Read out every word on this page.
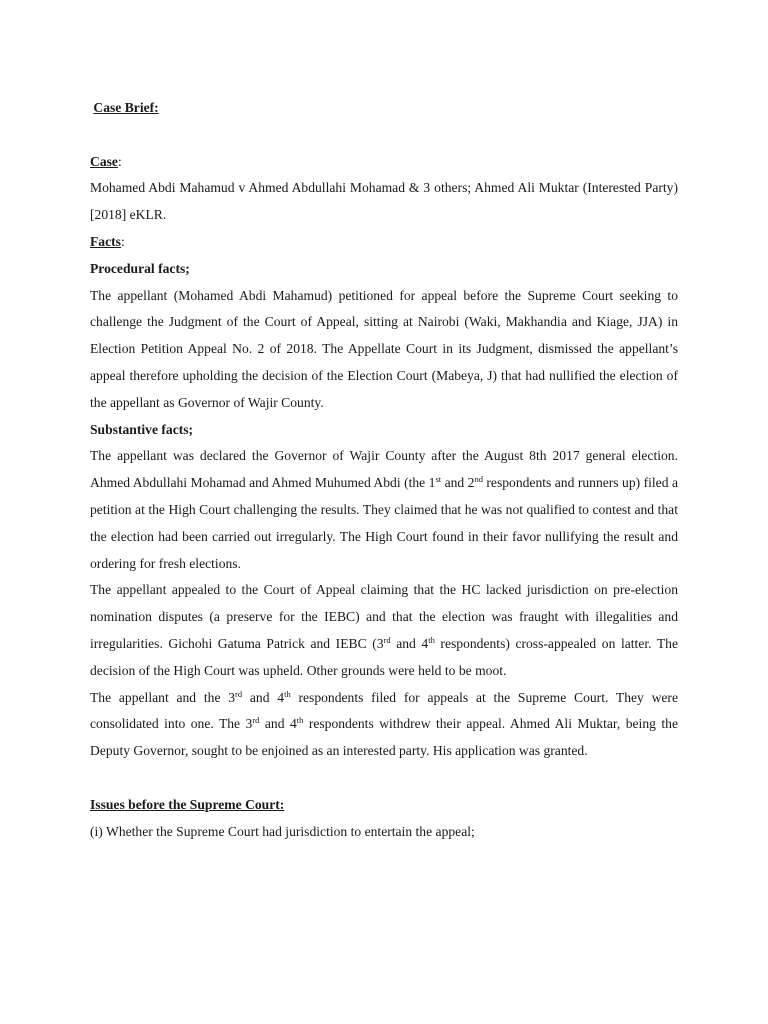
Case Brief:

Case:

Mohamed Abdi Mahamud v Ahmed Abdullahi Mohamad & 3 others; Ahmed Ali Muktar (Interested Party) [2018] eKLR.

Facts:

Procedural facts;

The appellant (Mohamed Abdi Mahamud) petitioned for appeal before the Supreme Court seeking to challenge the Judgment of the Court of Appeal, sitting at Nairobi (Waki, Makhandia and Kiage, JJA) in Election Petition Appeal No. 2 of 2018. The Appellate Court in its Judgment, dismissed the appellant’s appeal therefore upholding the decision of the Election Court (Mabeya, J) that had nullified the election of the appellant as Governor of Wajir County.

Substantive facts;

The appellant was declared the Governor of Wajir County after the August 8th 2017 general election. Ahmed Abdullahi Mohamad and Ahmed Muhumed Abdi (the 1st and 2nd respondents and runners up) filed a petition at the High Court challenging the results. They claimed that he was not qualified to contest and that the election had been carried out irregularly. The High Court found in their favor nullifying the result and ordering for fresh elections.

The appellant appealed to the Court of Appeal claiming that the HC lacked jurisdiction on pre-election nomination disputes (a preserve for the IEBC) and that the election was fraught with illegalities and irregularities. Gichohi Gatuma Patrick and IEBC (3rd and 4th respondents) cross-appealed on latter. The decision of the High Court was upheld. Other grounds were held to be moot.

The appellant and the 3rd and 4th respondents filed for appeals at the Supreme Court. They were consolidated into one. The 3rd and 4th respondents withdrew their appeal. Ahmed Ali Muktar, being the Deputy Governor, sought to be enjoined as an interested party. His application was granted.

Issues before the Supreme Court:

(i) Whether the Supreme Court had jurisdiction to entertain the appeal;
